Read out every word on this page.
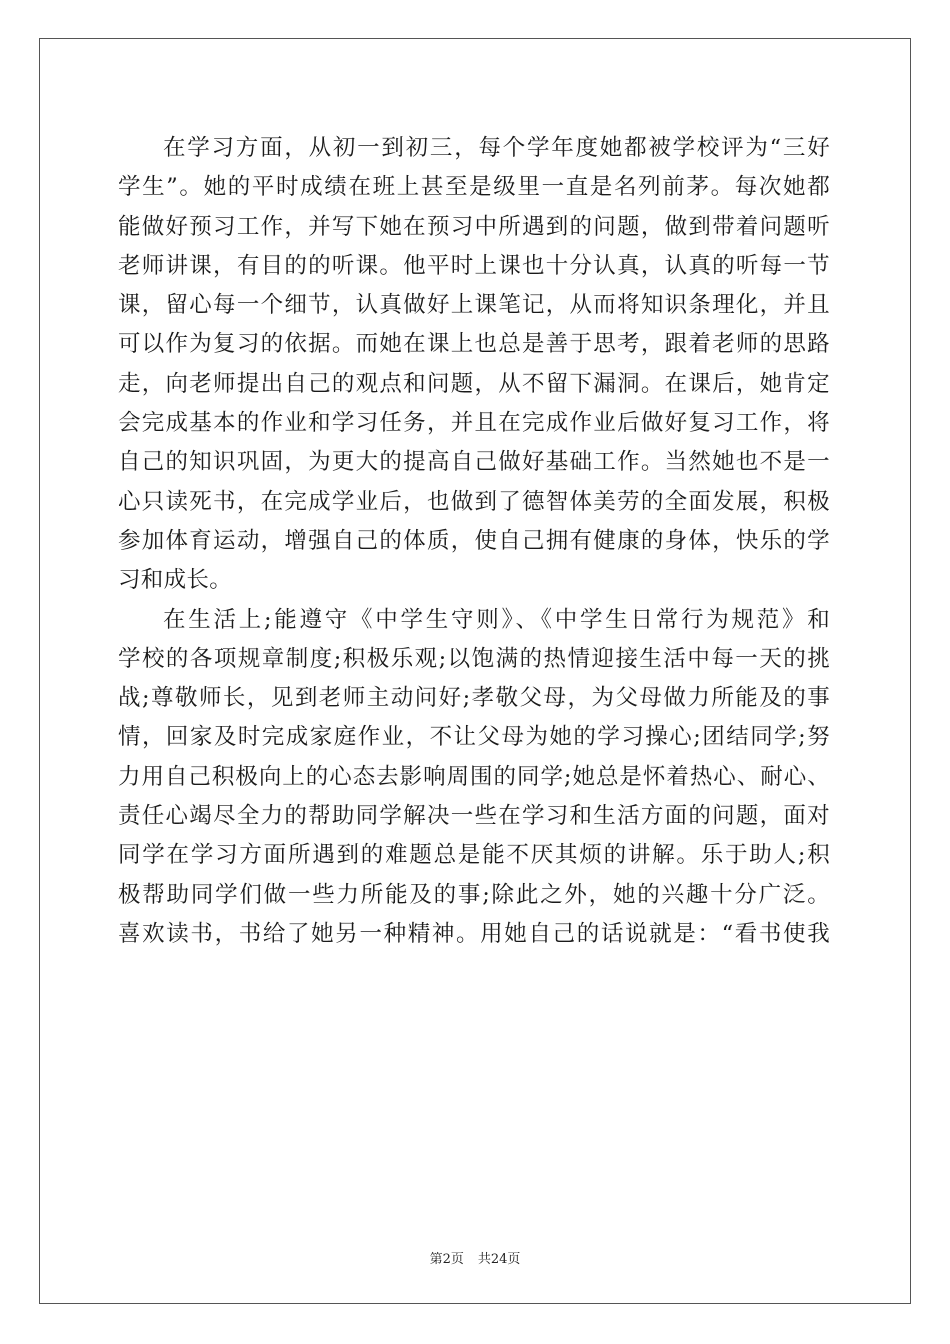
在学习方面，从初一到初三，每个学年度她都被学校评为“三好
学生”。她的平时成绩在班上甚至是级里一直是名列前茅。每次她都
能做好预习工作，并写下她在预习中所遇到的问题，做到带着问题听
老师讲课，有目的的听课。他平时上课也十分认真，认真的听每一节
课，留心每一个细节，认真做好上课笔记，从而将知识条理化，并且
可以作为复习的依据。而她在课上也总是善于思考，跟着老师的思路
走，向老师提出自己的观点和问题，从不留下漏洞。在课后，她肯定
会完成基本的作业和学习任务，并且在完成作业后做好复习工作，将
自己的知识巩固，为更大的提高自己做好基础工作。当然她也不是一
心只读死书，在完成学业后，也做到了德智体美劳的全面发展，积极
参加体育运动，增强自己的体质，使自己拥有健康的身体，快乐的学
习和成长。
在生活上;能遵守《中学生守则》、《中学生日常行为规范》和
学校的各项规章制度;积极乐观;以饱满的热情迎接生活中每一天的挑
战;尊敬师长，见到老师主动问好;孝敬父母，为父母做力所能及的事
情，回家及时完成家庭作业，不让父母为她的学习操心;团结同学;努
力用自己积极向上的心态去影响周围的同学;她总是怀着热心、耐心、
责任心竭尽全力的帮助同学解决一些在学习和生活方面的问题，面对
同学在学习方面所遇到的难题总是能不厌其烦的讲解。乐于助人;积
极帮助同学们做一些力所能及的事;除此之外，她的兴趣十分广泛。
喜欢读书，书给了她另一种精神。用她自己的话说就是：“看书使我
第2页 共24页
